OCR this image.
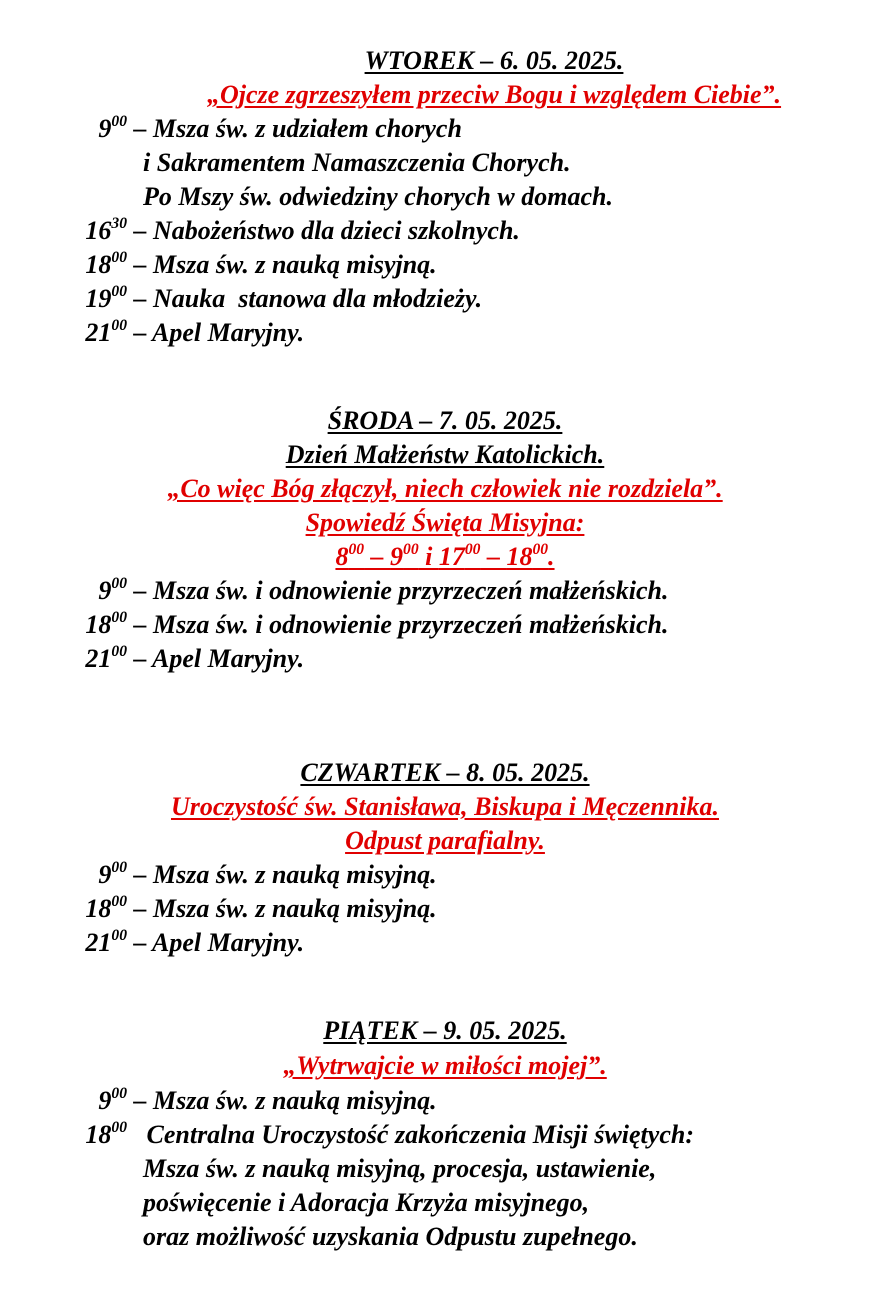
WTOREK – 6. 05. 2025.
„Ojcze zgrzeszyłem przeciw Bogu i względem Ciebie”.
$9^{00}$ – Msza św. z udziałem chorych
i Sakramentem Namaszczenia Chorych.
Po Mszy św. odwiedziny chorych w domach.
$16^{30}$ – Nabożeństwo dla dzieci szkolnych.
$18^{00}$ – Msza św. z nauką misyjną.
$19^{00}$ – Nauka  stanowa dla młodzieży.
$21^{00}$ – Apel Maryjny.
ŚRODA – 7. 05. 2025.
Dzień Małżeństw Katolickich.
„Co więc Bóg złączył, niech człowiek nie rozdziela”.
Spowiedź Święta Misyjna:
$8^{00} - 9^{00}$ i $17^{00} - 18^{00}$.
$9^{00}$ – Msza św. i odnowienie przyrzeczeń małżeńskich.
$18^{00}$ – Msza św. i odnowienie przyrzeczeń małżeńskich.
$21^{00}$ – Apel Maryjny.
CZWARTEK – 8. 05. 2025.
Uroczystość św. Stanisława, Biskupa i Męczennika.
Odpust parafialny.
$9^{00}$ – Msza św. z nauką misyjną.
$18^{00}$ – Msza św. z nauką misyjną.
$21^{00}$ – Apel Maryjny.
PIĄTEK – 9. 05. 2025.
„Wytrwajcie w miłości mojej”.
$9^{00}$ – Msza św. z nauką misyjną.
$18^{00}$ Centralna Uroczystość zakończenia Misji świętych:
Msza św. z nauką misyjną, procesja, ustawienie,
poświęcenie i Adoracja Krzyża misyjnego,
oraz możliwość uzyskania Odpustu zupełnego.
